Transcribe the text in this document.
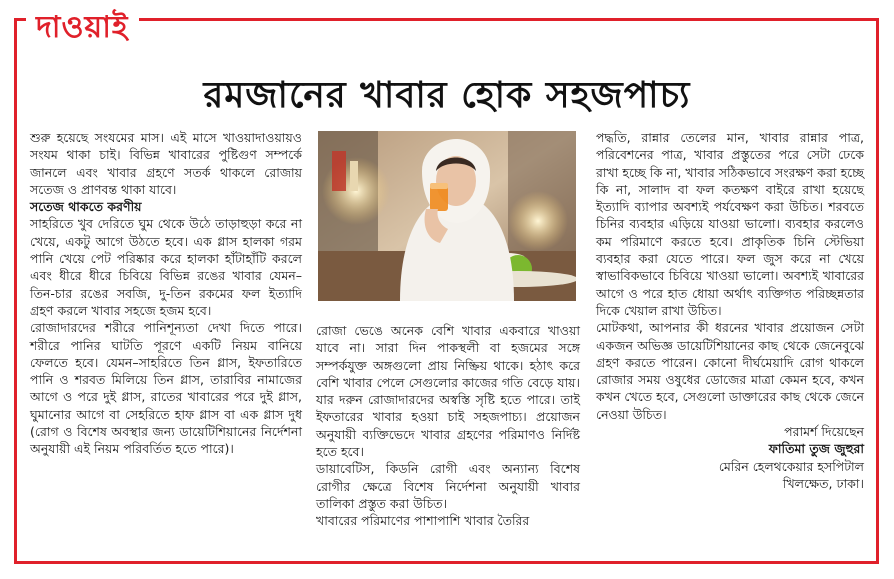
দাওয়াই
রমজানের খাবার হোক সহজপাচ্য

শুরু হয়েছে সংযমের মাস। এই মাসে খাওয়াদাওয়ায়ও সংযম থাকা চাই। বিভিন্ন খাবারের পুষ্টিগুণ সম্পর্কে জানলে এবং খাবার গ্রহণে সতর্ক থাকলে রোজায় সতেজ ও প্রাণবন্ত থাকা যাবে।

সতেজ থাকতে করণীয়

সাহরিতে খুব দেরিতে ঘুম থেকে উঠে তাড়াহুড়া করে না খেয়ে, একটু আগে উঠতে হবে। এক গ্লাস হালকা গরম পানি খেয়ে পেট পরিষ্কার করে হালকা হাঁটাহাঁটি করলে এবং ধীরে ধীরে চিবিয়ে বিভিন্ন রঙের খাবার যেমন–তিন-চার রঙের সবজি, দু-তিন রকমের ফল ইত্যাদি গ্রহণ করলে খাবার সহজে হজম হবে।

রোজাদারদের শরীরে পানিশূন্যতা দেখা দিতে পারে। শরীরে পানির ঘাটতি পূরণে একটি নিয়ম বানিয়ে ফেলতে হবে। যেমন–সাহরিতে তিন গ্লাস, ইফতারিতে পানি ও শরবত মিলিয়ে তিন গ্লাস, তারাবির নামাজের আগে ও পরে দুই গ্লাস, রাতের খাবারের পরে দুই গ্লাস, ঘুমানোর আগে বা সেহরিতে হাফ গ্লাস বা এক গ্লাস দুধ (রোগ ও বিশেষ অবস্থার জন্য ডায়েটিশিয়ানের নির্দেশনা অনুযায়ী এই নিয়ম পরিবর্তিত হতে পারে)।

রোজা ভেঙে অনেক বেশি খাবার একবারে খাওয়া যাবে না। সারা দিন পাকস্থলী বা হজমের সঙ্গে সম্পর্কযুক্ত অঙ্গগুলো প্রায় নিষ্ক্রিয় থাকে। হঠাৎ করে বেশি খাবার পেলে সেগুলোর কাজের গতি বেড়ে যায়। যার দরুন রোজাদারদের অস্বস্তি সৃষ্টি হতে পারে। তাই ইফতারের খাবার হওয়া চাই সহজপাচ্য। প্রয়োজন অনুযায়ী ব্যক্তিভেদে খাবার গ্রহণের পরিমাণও নির্দিষ্ট হতে হবে।

ডায়াবেটিস, কিডনি রোগী এবং অন্যান্য বিশেষ রোগীর ক্ষেত্রে বিশেষ নির্দেশনা অনুযায়ী খাবার তালিকা প্রস্তুত করা উচিত।

খাবারের পরিমাণের পাশাপাশি খাবার তৈরির

পদ্ধতি, রান্নার তেলের মান, খাবার রান্নার পাত্র, পরিবেশনের পাত্র, খাবার প্রস্তুতের পরে সেটা ঢেকে রাখা হচ্ছে কি না, খাবার সঠিকভাবে সংরক্ষণ করা হচ্ছে কি না, সালাদ বা ফল কতক্ষণ বাইরে রাখা হয়েছে ইত্যাদি ব্যাপার অবশ্যই পর্যবেক্ষণ করা উচিত। শরবতে চিনির ব্যবহার এড়িয়ে যাওয়া ভালো। ব্যবহার করলেও কম পরিমাণে করতে হবে। প্রাকৃতিক চিনি স্টেভিয়া ব্যবহার করা যেতে পারে। ফল জুস করে না খেয়ে স্বাভাবিকভাবে চিবিয়ে খাওয়া ভালো। অবশ্যই খাবারের আগে ও পরে হাত ধোয়া অর্থাৎ ব্যক্তিগত পরিচ্ছন্নতার দিকে খেয়াল রাখা উচিত।

মোটকথা, আপনার কী ধরনের খাবার প্রয়োজন সেটা একজন অভিজ্ঞ ডায়েটিশিয়ানের কাছ থেকে জেনেবুঝে গ্রহণ করতে পারেন। কোনো দীর্ঘমেয়াদি রোগ থাকলে রোজার সময় ওষুধের ডোজের মাত্রা কেমন হবে, কখন কখন খেতে হবে, সেগুলো ডাক্তারের কাছ থেকে জেনে নেওয়া উচিত।

পরামর্শ দিয়েছেন
ফাতিমা তুজ জুহুরা
মেরিন হেলথকেয়ার হসপিটাল
খিলক্ষেত, ঢাকা।
